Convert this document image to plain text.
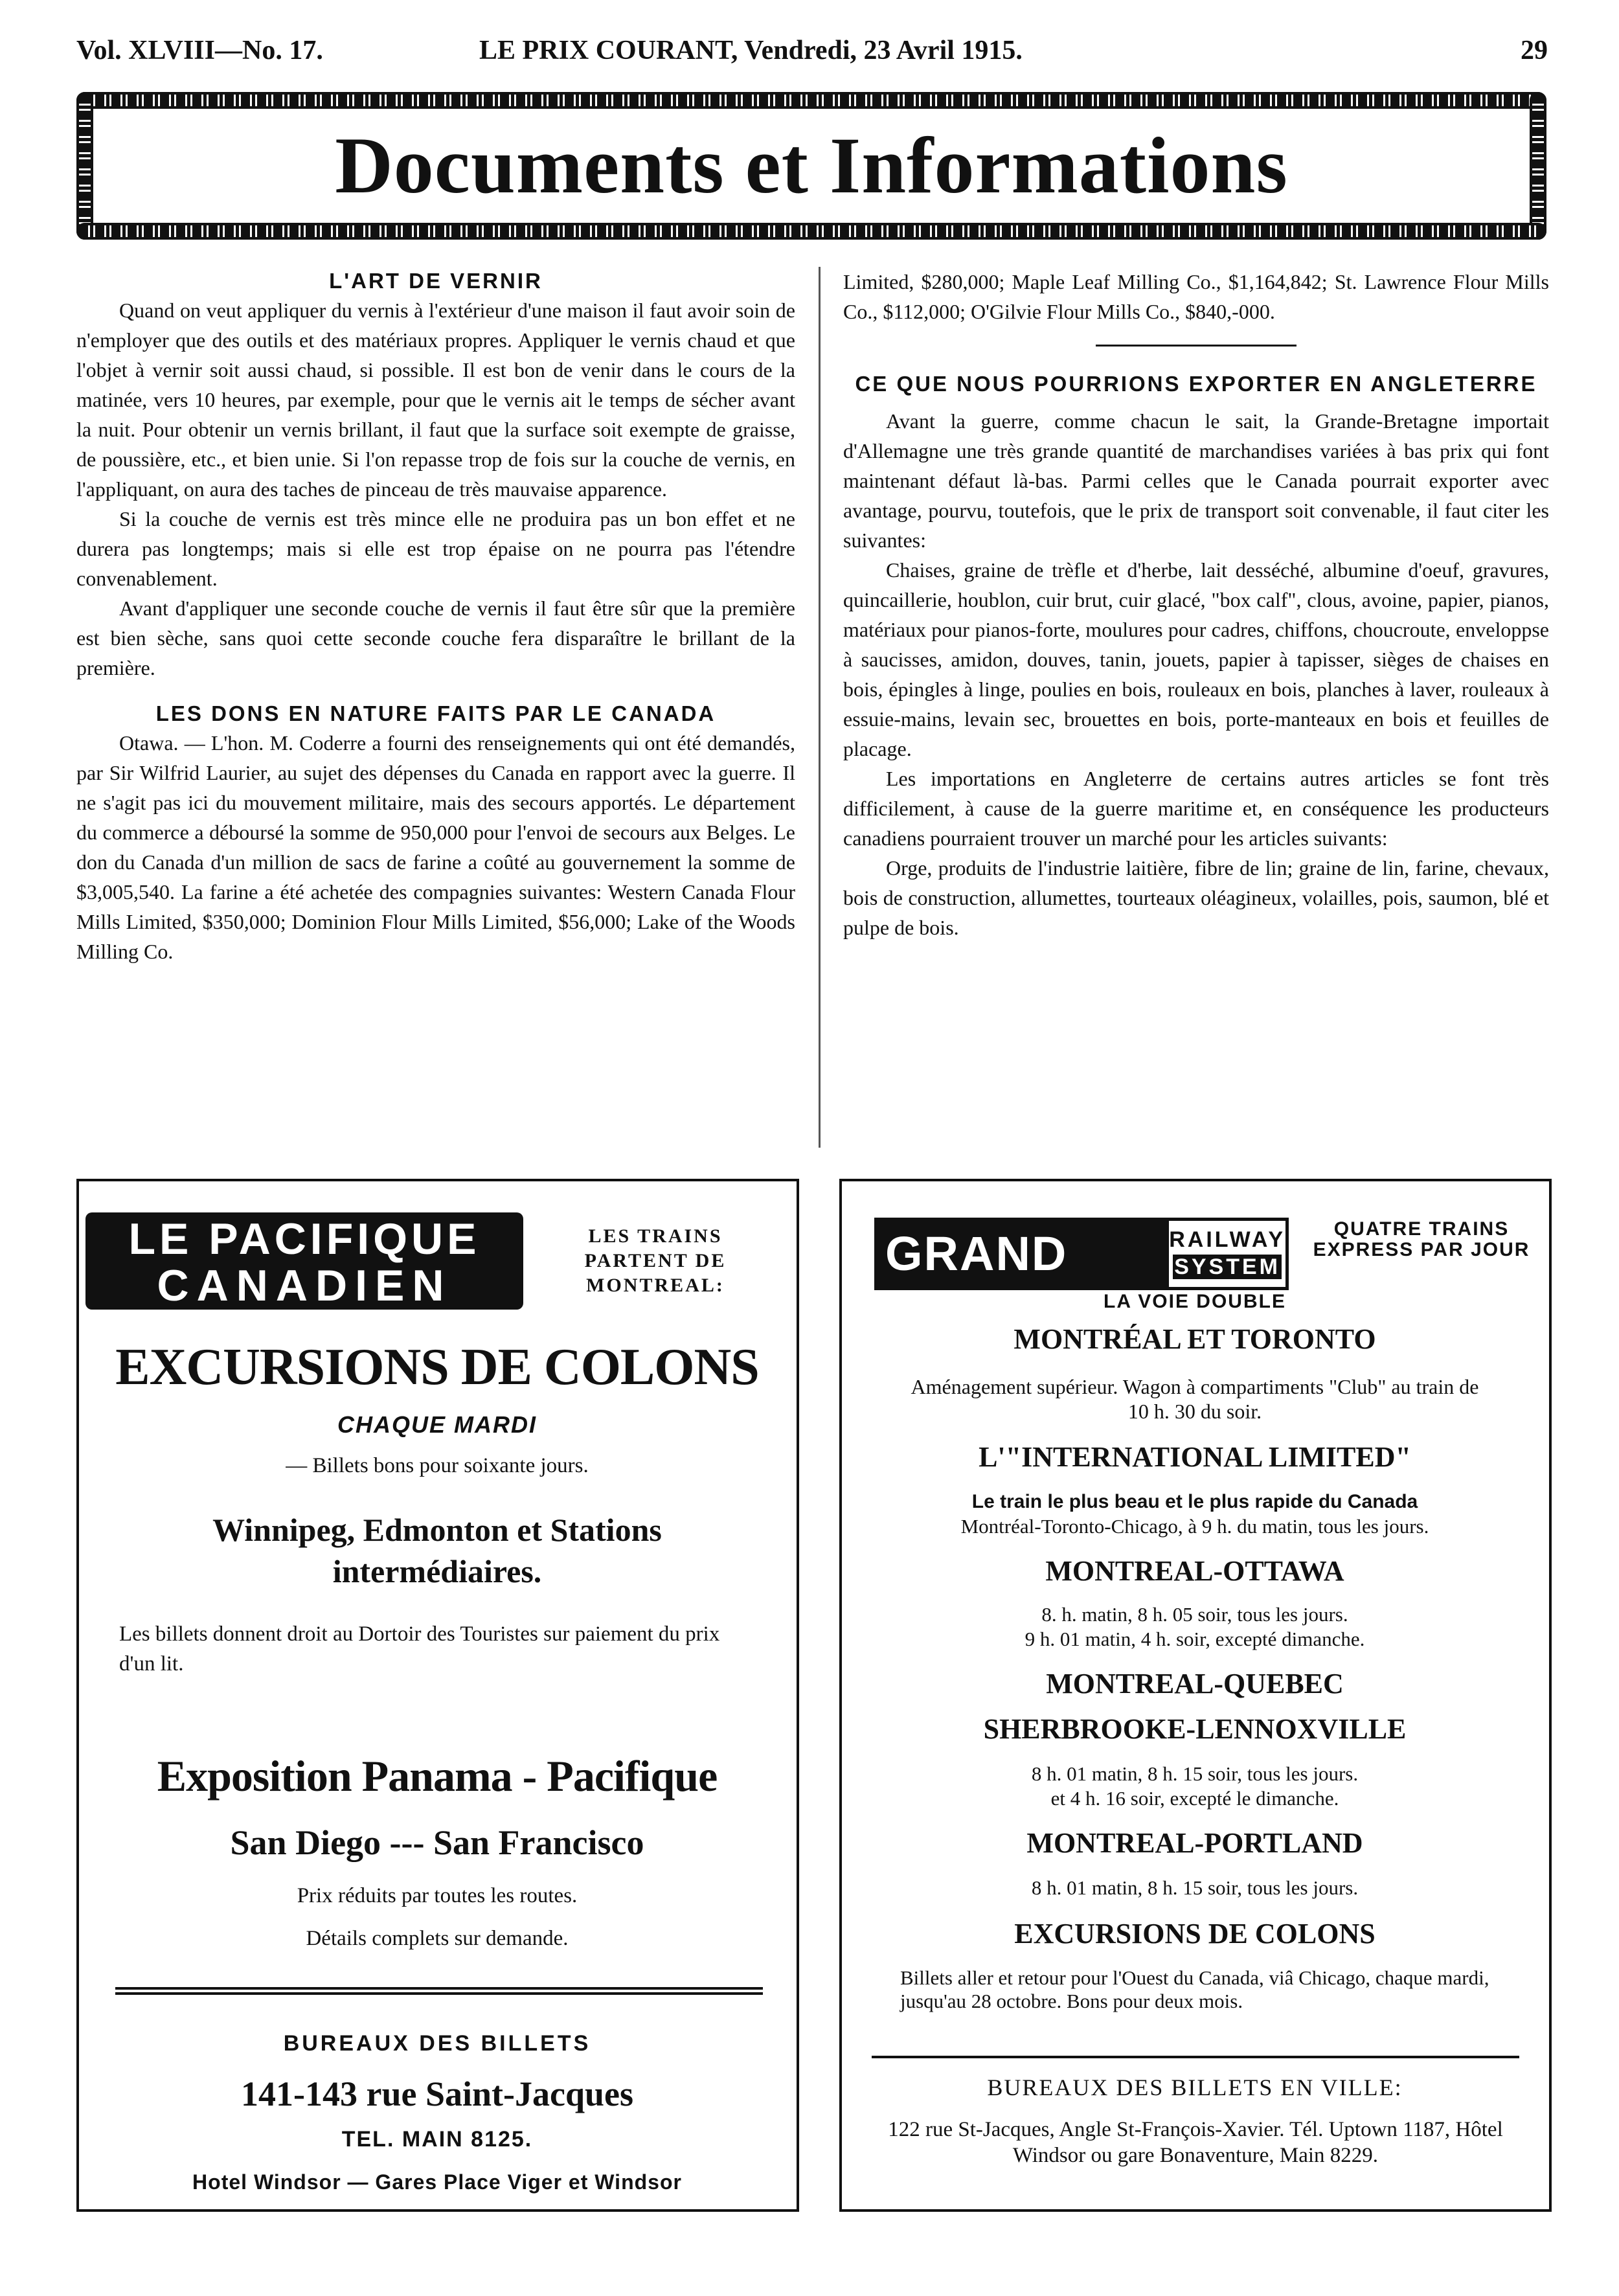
Vol. XLVIII—No. 17.	LE PRIX COURANT, Vendredi, 23 Avril 1915.	29
Documents et Informations
L'ART DE VERNIR

Quand on veut appliquer du vernis à l'extérieur d'une maison il faut avoir soin de n'employer que des outils et des matériaux propres. Appliquer le vernis chaud et que l'objet à vernir soit aussi chaud, si possible. Il est bon de venir dans le cours de la matinée, vers 10 heures, par exemple, pour que le vernis ait le temps de sécher avant la nuit. Pour obtenir un vernis brillant, il faut que la surface soit exempte de graisse, de poussière, etc., et bien unie. Si l'on repasse trop de fois sur la couche de vernis, en l'appliquant, on aura des taches de pinceau de très mauvaise apparence.

Si la couche de vernis est très mince elle ne produira pas un bon effet et ne durera pas longtemps; mais si elle est trop épaise on ne pourra pas l'étendre convenablement.

Avant d'appliquer une seconde couche de vernis il faut être sûr que la première est bien sèche, sans quoi cette seconde couche fera disparaître le brillant de la première.

LES DONS EN NATURE FAITS PAR LE CANADA

Otawa. — L'hon. M. Coderre a fourni des renseignements qui ont été demandés, par Sir Wilfrid Laurier, au sujet des dépenses du Canada en rapport avec la guerre. Il ne s'agit pas ici du mouvement militaire, mais des secours apportés. Le département du commerce a déboursé la somme de 950,000 pour l'envoi de secours aux Belges. Le don du Canada d'un million de sacs de farine a coûté au gouvernement la somme de $3,005,540. La farine a été achetée des compagnies suivantes: Western Canada Flour Mills Limited, $350,000; Dominion Flour Mills Limited, $56,000; Lake of the Woods Milling Co.

Limited, $280,000; Maple Leaf Milling Co., $1,164,842; St. Lawrence Flour Mills Co., $112,000; O'Gilvie Flour Mills Co., $840,-000.

CE QUE NOUS POURRIONS EXPORTER EN ANGLETERRE

Avant la guerre, comme chacun le sait, la Grande-Bretagne importait d'Allemagne une très grande quantité de marchandises variées à bas prix qui font maintenant défaut là-bas. Parmi celles que le Canada pourrait exporter avec avantage, pourvu, toutefois, que le prix de transport soit convenable, il faut citer les suivantes:

Chaises, graine de trèfle et d'herbe, lait desséché, albumine d'oeuf, gravures, quincaillerie, houblon, cuir brut, cuir glacé, "box calf", clous, avoine, papier, pianos, matériaux pour pianos-forte, moulures pour cadres, chiffons, choucroute, enveloppse à saucisses, amidon, douves, tanin, jouets, papier à tapisser, sièges de chaises en bois, épingles à linge, poulies en bois, rouleaux en bois, planches à laver, rouleaux à essuie-mains, levain sec, brouettes en bois, porte-manteaux en bois et feuilles de placage.

Les importations en Angleterre de certains autres articles se font très difficilement, à cause de la guerre maritime et, en conséquence les producteurs canadiens pourraient trouver un marché pour les articles suivants:

Orge, produits de l'industrie laitière, fibre de lin; graine de lin, farine, chevaux, bois de construction, allumettes, tourteaux oléagineux, volailles, pois, saumon, blé et pulpe de bois.

LE PACIFIQUE
CANADIEN
LES TRAINS PARTENT DE MONTREAL:
EXCURSIONS DE COLONS
CHAQUE MARDI
— Billets bons pour soixante jours.
Winnipeg, Edmonton et Stations intermédiaires.
Les billets donnent droit au Dortoir des Touristes sur paiement du prix d'un lit.
Exposition Panama - Pacifique
San Diego --- San Francisco
Prix réduits par toutes les routes.
Détails complets sur demande.
BUREAUX DES BILLETS
141-143 rue Saint-Jacques
TEL. MAIN 8125.
Hotel Windsor — Gares Place Viger et Windsor
GRAND TRUNK
RAILWAY
SYSTEM
QUATRE TRAINS EXPRESS PAR JOUR
LA VOIE DOUBLE
MONTRÉAL ET TORONTO
Aménagement supérieur. Wagon à compartiments "Club" au train de 10 h. 30 du soir.
L'"INTERNATIONAL LIMITED"
Le train le plus beau et le plus rapide du Canada
Montréal-Toronto-Chicago, à 9 h. du matin, tous les jours.
MONTREAL-OTTAWA
8. h. matin, 8 h. 05 soir, tous les jours.
9 h. 01 matin, 4 h. soir, excepté dimanche.
MONTREAL-QUEBEC
SHERBROOKE-LENNOXVILLE
8 h. 01 matin, 8 h. 15 soir, tous les jours.
et 4 h. 16 soir, excepté le dimanche.
MONTREAL-PORTLAND
8 h. 01 matin, 8 h. 15 soir, tous les jours.
EXCURSIONS DE COLONS
Billets aller et retour pour l'Ouest du Canada, viâ Chicago, chaque mardi, jusqu'au 28 octobre. Bons pour deux mois.
BUREAUX DES BILLETS EN VILLE:
122 rue St-Jacques, Angle St-François-Xavier. Tél. Uptown 1187, Hôtel Windsor ou gare Bonaventure, Main 8229.
